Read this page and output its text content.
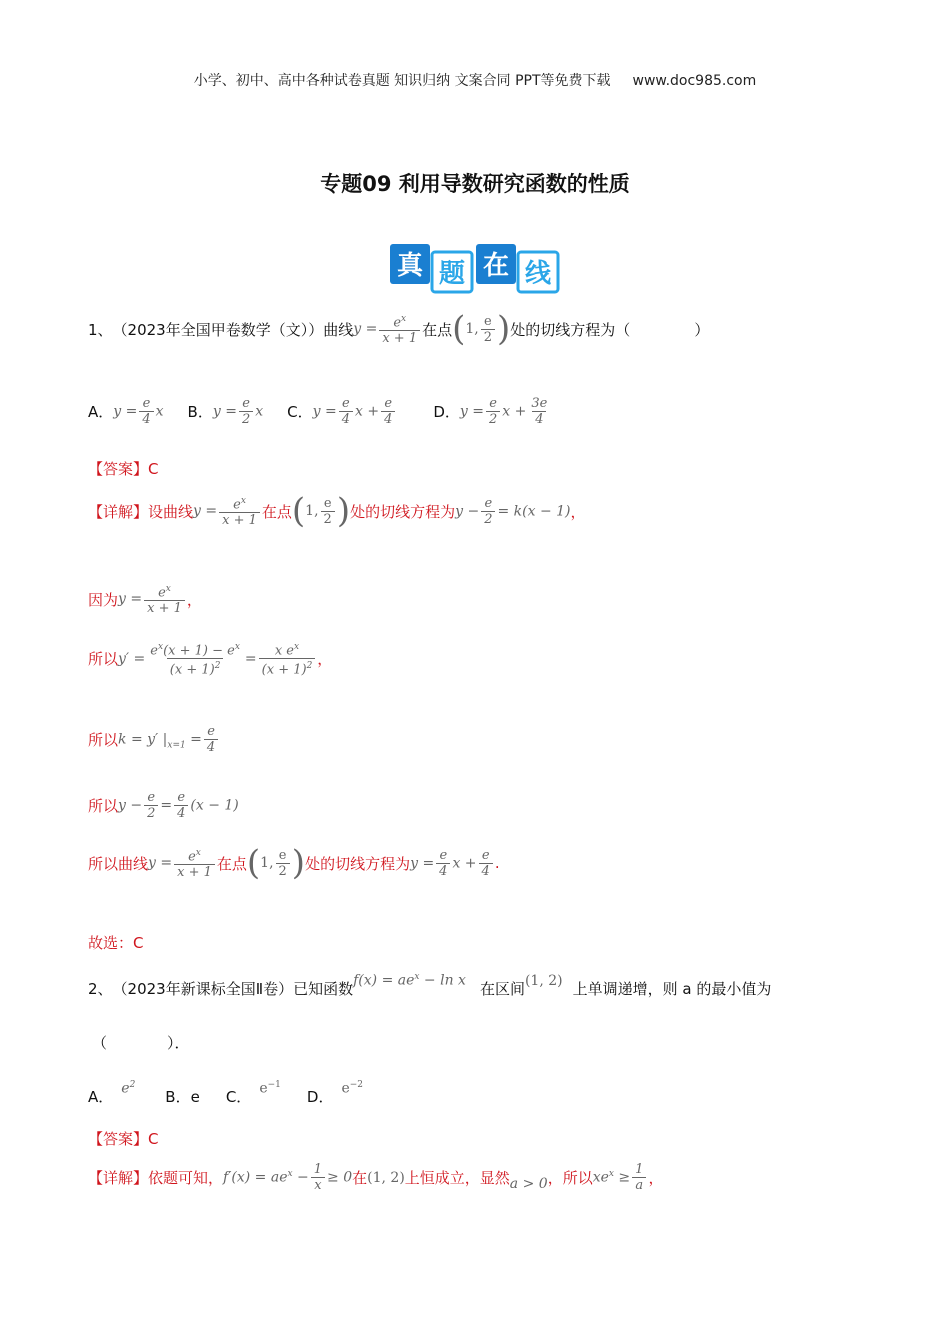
小学、初中、高中各种试卷真题 知识归纳 文案合同 PPT等免费下载 www.doc985.com
专题09 利用导数研究函数的性质
真 题 在 线
1、 （2023年全国甲卷数学（文）） 曲线 $y = \frac{e^x}{x + 1}$ 在点 (1, $\frac{e}{2}$ ) 处的切线方程为（	）
A． $y = \frac{e}{4}$ x B． $y = \frac{e}{2}$ x C． $y = \frac{e}{4}$ $x + \frac{e}{4}$	D． $y = \frac{e}{2}$ $x + \frac{3e}{4}$
【答案】C
【详解】 设曲线 $y = \frac{e^x}{x + 1}$ 在点 (1, $\frac{e}{2}$ ) 处的切线方程为 $y - \frac{e}{2} = k(x - 1)$ ，
因为 $y = \frac{e^x}{x + 1}$ ，
所以 $y' = \frac{e^x(x + 1) - e^x}{(x + 1)^2} = \frac{x e^x}{(x + 1)^2}$ ，
所以 k = y′ $|_{x=1} = \frac{e}{4}$
所以 $y - \frac{e}{2} = \frac{e}{4} (x - 1)$
所以曲线 $y = \frac{e^x}{x + 1}$ 在点 (1, $\frac{e}{2}$ ) 处的切线方程为 $y = \frac{e}{4}$ $x + \frac{e}{4}$ .
故选：C
2、 （2023年新课标全国Ⅱ卷） 已知函数 $f(x) = ae^x - \ln x$ 在区间 (1, 2) 上单调递增，则 a 的最小值为
（　　　　）．
A． $e^2$
B．e C． $e^{-1}$
D． $e^{-2}$
【答案】C
【详解】 依题可知， $f'(x) = ae^x - \frac{1}{x} \ge 0$ 在 (1, 2) 上恒成立，显然 a > 0 ，所以 $xe^x \ge \frac{1}{a}$ ，
